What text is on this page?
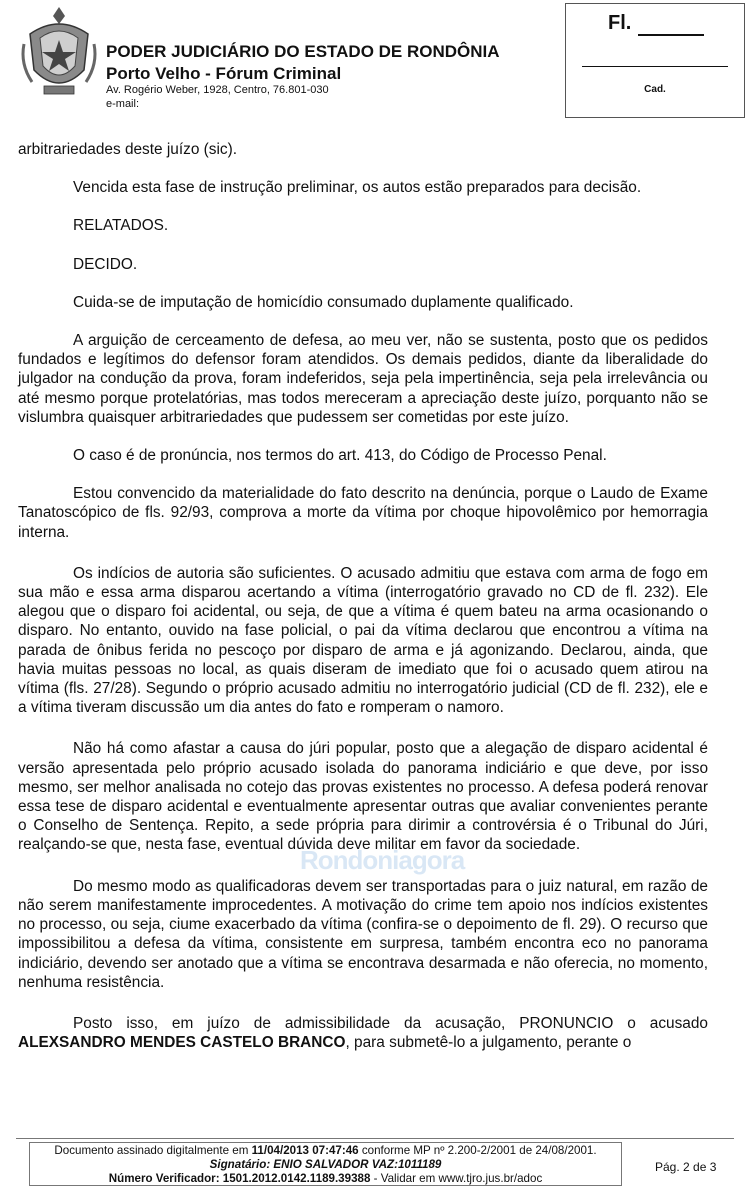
PODER JUDICIÁRIO DO ESTADO DE RONDÔNIA
Porto Velho - Fórum Criminal
Av. Rogério Weber, 1928, Centro, 76.801-030
e-mail:
Fl.
Cad.

arbitrariedades deste juízo (sic).

Vencida esta fase de instrução preliminar, os autos estão preparados para decisão.

RELATADOS.

DECIDO.

Cuida-se de imputação de homicídio consumado duplamente qualificado.

A arguição de cerceamento de defesa, ao meu ver, não se sustenta, posto que os pedidos fundados e legítimos do defensor foram atendidos. Os demais pedidos, diante da liberalidade do julgador na condução da prova, foram indeferidos, seja pela impertinência, seja pela irrelevância ou até mesmo porque protelatórias, mas todos mereceram a apreciação deste juízo, porquanto não se vislumbra quaisquer arbitrariedades que pudessem ser cometidas por este juízo.

O caso é de pronúncia, nos termos do art. 413, do Código de Processo Penal.

Estou convencido da materialidade do fato descrito na denúncia, porque o Laudo de Exame Tanatoscópico de fls. 92/93, comprova a morte da vítima por choque hipovolêmico por hemorragia interna.

Os indícios de autoria são suficientes. O acusado admitiu que estava com arma de fogo em sua mão e essa arma disparou acertando a vítima (interrogatório gravado no CD de fl. 232). Ele alegou que o disparo foi acidental, ou seja, de que a vítima é quem bateu na arma ocasionando o disparo. No entanto, ouvido na fase policial, o pai da vítima declarou que encontrou a vítima na parada de ônibus ferida no pescoço por disparo de arma e já agonizando. Declarou, ainda, que havia muitas pessoas no local, as quais diseram de imediato que foi o acusado quem atirou na vítima (fls. 27/28). Segundo o próprio acusado admitiu no interrogatório judicial (CD de fl. 232), ele e a vítima tiveram discussão um dia antes do fato e romperam o namoro.

Não há como afastar a causa do júri popular, posto que a alegação de disparo acidental é versão apresentada pelo próprio acusado isolada do panorama indiciário e que deve, por isso mesmo, ser melhor analisada no cotejo das provas existentes no processo. A defesa poderá renovar essa tese de disparo acidental e eventualmente apresentar outras que avaliar convenientes perante o Conselho de Sentença. Repito, a sede própria para dirimir a controvérsia é o Tribunal do Júri, realçando-se que, nesta fase, eventual dúvida deve militar em favor da sociedade.

Do mesmo modo as qualificadoras devem ser transportadas para o juiz natural, em razão de não serem manifestamente improcedentes. A motivação do crime tem apoio nos indícios existentes no processo, ou seja, ciume exacerbado da vítima (confira-se o depoimento de fl. 29). O recurso que impossibilitou a defesa da vítima, consistente em surpresa, também encontra eco no panorama indiciário, devendo ser anotado que a vítima se encontrava desarmada e não oferecia, no momento, nenhuma resistência.

Posto isso, em juízo de admissibilidade da acusação, PRONUNCIO o acusado ALEXSANDRO MENDES CASTELO BRANCO, para submetê-lo a julgamento, perante o

Rondoniagora
Documento assinado digitalmente em 11/04/2013 07:47:46 conforme MP nº 2.200-2/2001 de 24/08/2001.
Signatário: ENIO SALVADOR VAZ:1011189
Número Verificador: 1501.2012.0142.1189.39388 - Validar em www.tjro.jus.br/adoc
Pág. 2 de 3
